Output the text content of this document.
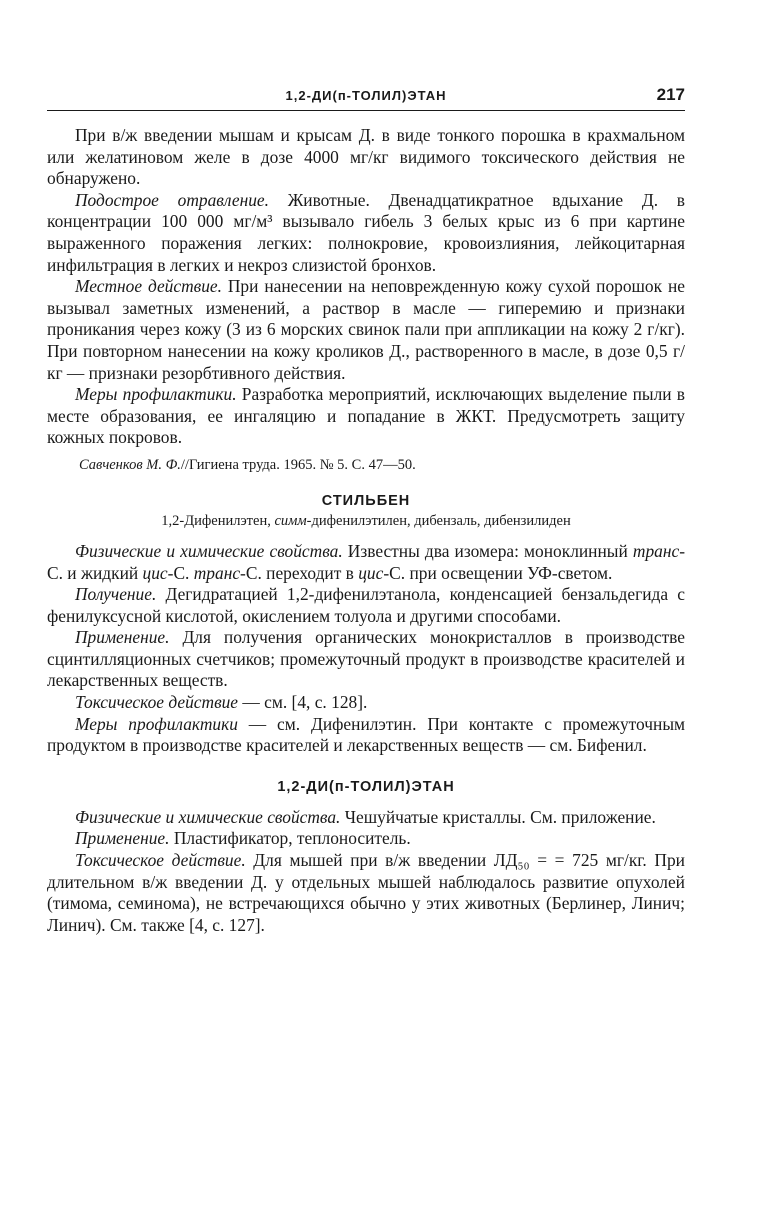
1,2-ДИ(п-ТОЛИЛ)ЭТАН	217

При в/ж введении мышам и крысам Д. в виде тонкого порошка в крахмальном или желатиновом желе в дозе 4000 мг/кг видимого токсического действия не обнаружено.

Подострое отравление. Животные. Двенадцатикратное вдыхание Д. в концентрации 100 000 мг/м³ вызывало гибель 3 белых крыс из 6 при картине выраженного поражения легких: полнокровие, кровоизлияния, лейкоцитарная инфильтрация в легких и некроз слизистой бронхов.

Местное действие. При нанесении на неповрежденную кожу сухой порошок не вызывал заметных изменений, а раствор в масле — гиперемию и признаки проникания через кожу (3 из 6 морских свинок пали при аппликации на кожу 2 г/кг). При повторном нанесении на кожу кроликов Д., растворенного в масле, в дозе 0,5 г/кг — признаки резорбтивного действия.

Меры профилактики. Разработка мероприятий, исключающих выделение пыли в месте образования, ее ингаляцию и попадание в ЖКТ. Предусмотреть защиту кожных покровов.

Савченков М. Ф.//Гигиена труда. 1965. № 5. С. 47—50.

СТИЛЬБЕН
1,2-Дифенилэтен, симм-дифенилэтилен, дибензаль, дибензилиден

Физические и химические свойства. Известны два изомера: моноклинный транс-С. и жидкий цис-С. транс-С. переходит в цис-С. при освещении УФ-светом.

Получение. Дегидратацией 1,2-дифенилэтанола, конденсацией бензальдегида с фенилуксусной кислотой, окислением толуола и другими способами.

Применение. Для получения органических монокристаллов в производстве сцинтилляционных счетчиков; промежуточный продукт в производстве красителей и лекарственных веществ.

Токсическое действие — см. [4, с. 128].

Меры профилактики — см. Дифенилэтин. При контакте с промежуточным продуктом в производстве красителей и лекарственных веществ — см. Бифенил.

1,2-ДИ(п-ТОЛИЛ)ЭТАН

Физические и химические свойства. Чешуйчатые кристаллы. См. приложение.

Применение. Пластификатор, теплоноситель.

Токсическое действие. Для мышей при в/ж введении ЛД₅₀ = = 725 мг/кг. При длительном в/ж введении Д. у отдельных мышей наблюдалось развитие опухолей (тимома, семинома), не встречающихся обычно у этих животных (Берлинер, Линич; Линич). См. также [4, с. 127].
